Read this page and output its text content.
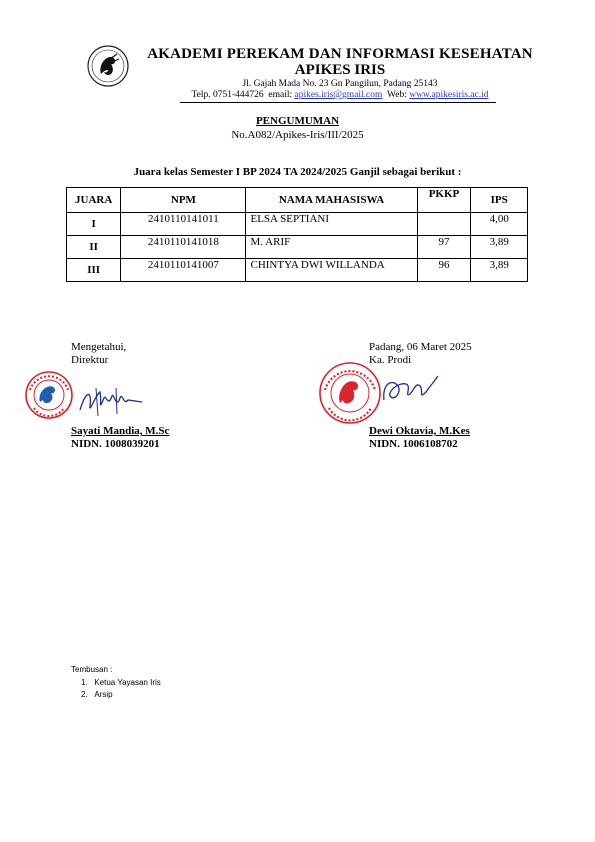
AKADEMI PEREKAM DAN INFORMASI KESEHATAN
APIKES IRIS
Jl. Gajah Mada No. 23 Gn Pangilun, Padang 25143
Telp. 0751-444726 email: apikes.iris@gmail.com Web: www.apikesiris.ac.id
PENGUMUMAN
No.A082/Apikes-Iris/III/2025
Juara kelas Semester I BP 2024 TA 2024/2025 Ganjil sebagai berikut :
JUARA	NPM	NAMA MAHASISWA	PKKP	IPS
I	2410110141011	ELSA SEPTIANI		4,00
II	2410110141018	M. ARIF	97	3,89
III	2410110141007	CHINTYA DWI WILLANDA	96	3,89
Mengetahui,
Direktur
Sayati Mandia, M.Sc
NIDN. 1008039201
Padang, 06 Maret 2025
Ka. Prodi
Dewi Oktavia, M.Kes
NIDN. 1006108702
Tembusan :
1.   Ketua Yayasan Iris
2.   Arsip
